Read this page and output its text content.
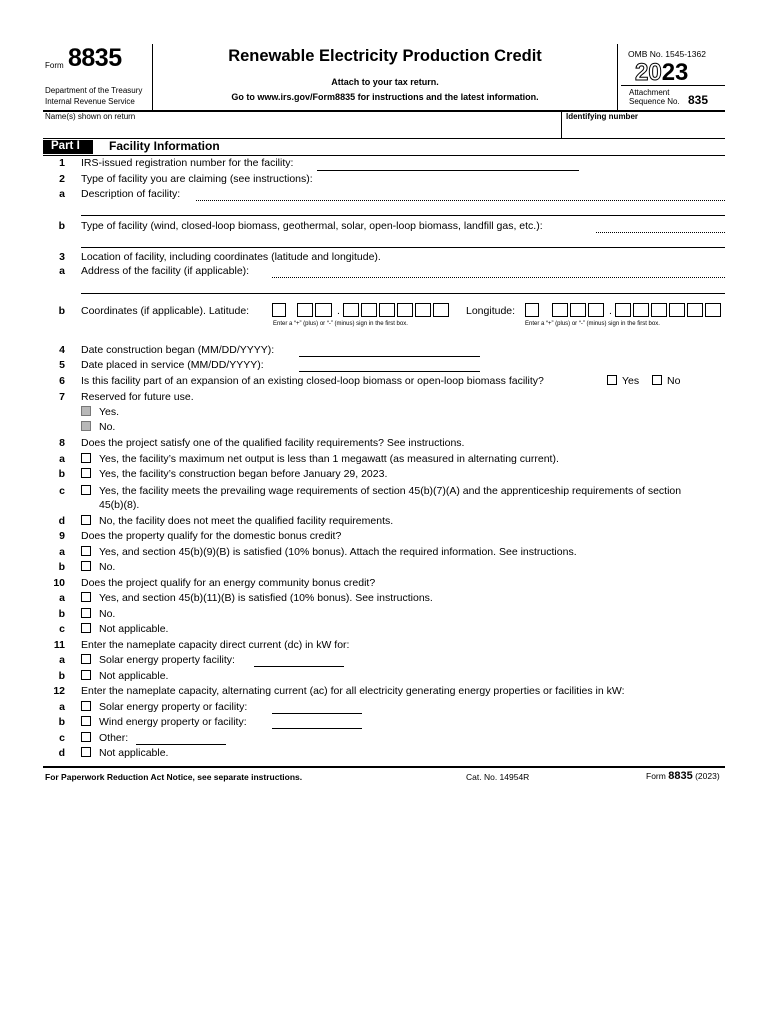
Form 8835
Department of the Treasury
Internal Revenue Service
Renewable Electricity Production Credit
Attach to your tax return.
Go to www.irs.gov/Form8835 for instructions and the latest information.
OMB No. 1545-1362
2023
Attachment
Sequence No. 835
Name(s) shown on return	Identifying number
Part I Facility Information
1 IRS-issued registration number for the facility:
2 Type of facility you are claiming (see instructions):
a Description of facility:
b Type of facility (wind, closed-loop biomass, geothermal, solar, open-loop biomass, landfill gas, etc.):
3 Location of facility, including coordinates (latitude and longitude).
a Address of the facility (if applicable):
b Coordinates (if applicable). Latitude:	.
Enter a “+” (plus) or “-” (minus) sign in the first box.
Longitude:	.
Enter a “+” (plus) or “-” (minus) sign in the first box.
4 Date construction began (MM/DD/YYYY):
5 Date placed in service (MM/DD/YYYY):
6 Is this facility part of an expansion of an existing closed-loop biomass or open-loop biomass facility?	Yes	No
7 Reserved for future use.
Yes.
No.
8 Does the project satisfy one of the qualified facility requirements? See instructions.
a	Yes, the facility’s maximum net output is less than 1 megawatt (as measured in alternating current).
b	Yes, the facility’s construction began before January 29, 2023.
c	Yes, the facility meets the prevailing wage requirements of section 45(b)(7)(A) and the apprenticeship requirements of section
45(b)(8).
d	No, the facility does not meet the qualified facility requirements.
9 Does the property qualify for the domestic bonus credit?
a	Yes, and section 45(b)(9)(B) is satisfied (10% bonus). Attach the required information. See instructions.
b	No.
10 Does the project qualify for an energy community bonus credit?
a	Yes, and section 45(b)(11)(B) is satisfied (10% bonus). See instructions.
b	No.
c	Not applicable.
11 Enter the nameplate capacity direct current (dc) in kW for:
a	Solar energy property facility:
b	Not applicable.
12 Enter the nameplate capacity, alternating current (ac) for all electricity generating energy properties or facilities in kW:
a	Solar energy property or facility:
b	Wind energy property or facility:
c	Other:
d	Not applicable.
For Paperwork Reduction Act Notice, see separate instructions.	Cat. No. 14954R	Form 8835 (2023)
